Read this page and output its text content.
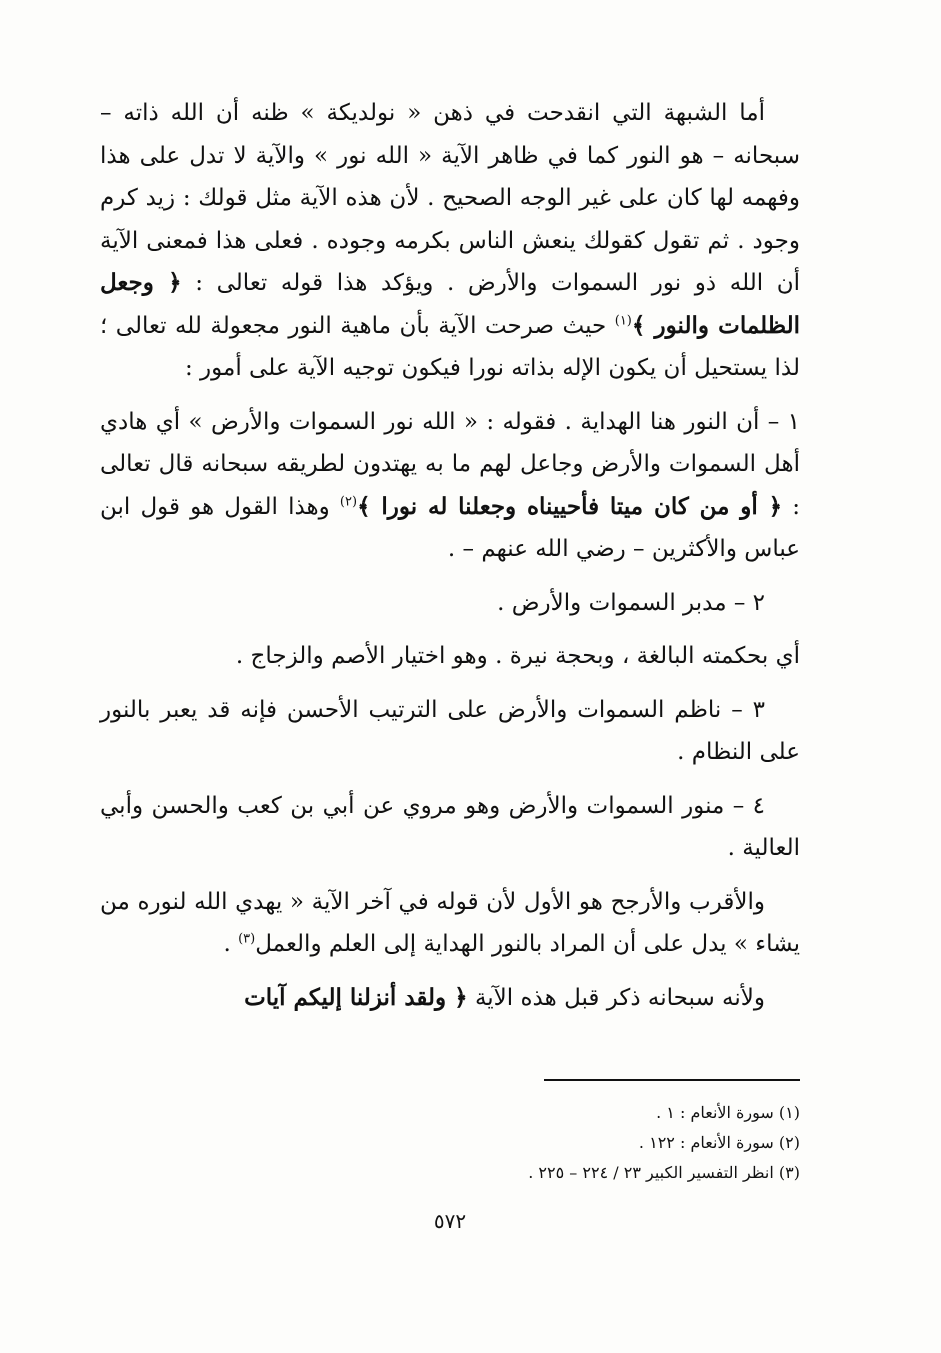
أما الشبهة التي انقدحت في ذهن « نولديكة » ظنه أن الله ذاته – سبحانه – هو النور كما في ظاهر الآية « الله نور » والآية لا تدل على هذا وفهمه لها كان على غير الوجه الصحيح . لأن هذه الآية مثل قولك : زيد كرم وجود . ثم تقول كقولك ينعش الناس بكرمه وجوده . فعلى هذا فمعنى الآية أن الله ذو نور السموات والأرض . ويؤكد هذا قوله تعالى : ﴿ وجعل الظلمات والنور ﴾$^{(١)}$ حيث صرحت الآية بأن ماهية النور مجعولة لله تعالى ؛ لذا يستحيل أن يكون الإله بذاته نورا فيكون توجيه الآية على أمور :

١ – أن النور هنا الهداية . فقوله : « الله نور السموات والأرض » أي هادي أهل السموات والأرض وجاعل لهم ما به يهتدون لطريقه سبحانه قال تعالى : ﴿ أو من كان ميتا فأحييناه وجعلنا له نورا ﴾$^{(٢)}$ وهذا القول هو قول ابن عباس والأكثرين – رضي الله عنهم – .

٢ – مدبر السموات والأرض .

أي بحكمته البالغة ، وبحجة نيرة . وهو اختيار الأصم والزجاج .

٣ – ناظم السموات والأرض على الترتيب الأحسن فإنه قد يعبر بالنور على النظام .

٤ – منور السموات والأرض وهو مروي عن أبي بن كعب والحسن وأبي العالية .

والأقرب والأرجح هو الأول لأن قوله في آخر الآية « يهدي الله لنوره من يشاء » يدل على أن المراد بالنور الهداية إلى العلم والعمل$^{(٣)}$ .

ولأنه سبحانه ذكر قبل هذه الآية ﴿ ولقد أنزلنا إليكم آيات

(١) سورة الأنعام : ١ .

(٢) سورة الأنعام : ١٢٢ .

(٣) انظر التفسير الكبير ٢٣ / ٢٢٤ – ٢٢٥ .

٥٧٢
